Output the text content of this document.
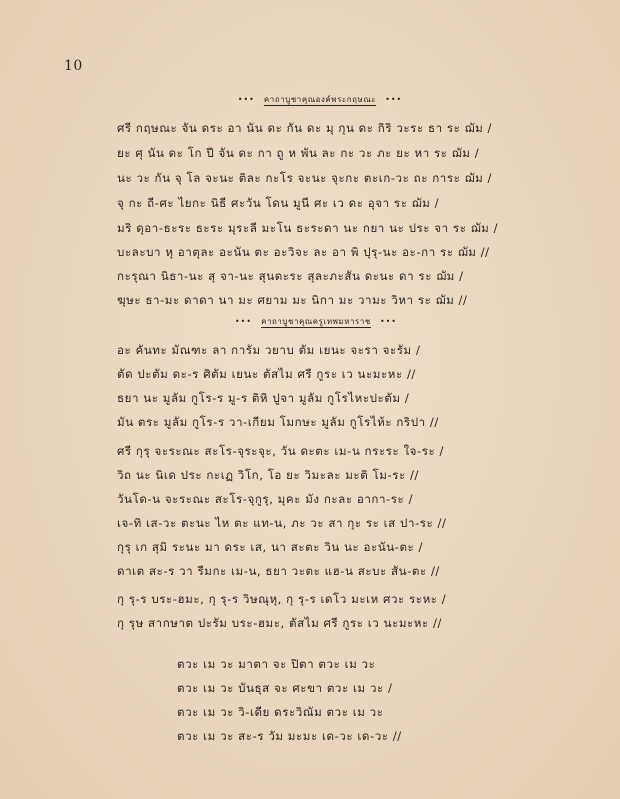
10
••• คาถาบูชาคุณองค์พระกฤษณะ •••
ศรี กฤษณะ จัน ดระ อา นัน ดะ กัน ดะ มุ กุน ดะ กิริ วะระ ธา ระ ฌัม /
ยะ ศุ นัน ดะ โก ปี จัน ดะ กา ถู ห พัน ละ กะ วะ ภะ ยะ หา ระ ฌัม /
นะ วะ กัน จุ โล จะนะ ติละ กะโร จะนะ จุะกะ ตะเก-วะ ถะ การะ ฌัม /
จุ กะ ถี-ศะ ไยกะ นิธี ศะวัน โดน มูนี ศะ เว ดะ อุจา ระ ฌัม /
มริ ดุอา-ธะระ ธะระ มุระลี มะโน ธะระดา นะ กยา นะ ประ จา ระ ฌัม /
บะละบา หุ อาตุละ อะนัน ตะ อะวิจะ ละ อา พิ ปุรุ-นะ อะ-กา ระ ฌัม //
กะรุณา นิธา-นะ สุ จา-นะ สุนดะระ สุละภะสัน ดะนะ ดา ระ ฌัม /
ฆุษะ ธา-มะ ดาดา นา มะ ศยาม มะ นิกา มะ วามะ วิหา ระ ฌัม //
••• คาถาบูชาคุณครูเทพมหาราช •••
อะ คันทะ มัณฑะ ลา การัม วยาบ ตัม เยนะ จะรา จะรัม /
ตัด ปะตัม ดะ-ร ศิตัม เยนะ ตัสไม ศรี กูระ เว นะมะหะ //
ธยา นะ มูลัม กูโร-ร มู-ร ติหิ ปูจา มูลัม กูโรไหะปะตัม /
มัน ตระ มูลัม กูโร-ร วา-เกียม โมกษะ มูลัม กูโรไห้ะ กริปา //
ศรี กุรุ จะระณะ สะโร-จุระจุะ, วัน ดะตะ เม-น กระระ ใจ-ระ /
วิถ นะ นิเด ประ กะเฏ วิโก, โอ ยะ วิมะละ มะติ โม-ระ //
วันโด-น จะระณะ สะโร-จุกูรุ, มุคะ มัง กะละ อากา-ระ /
เจ-ทิ เส-วะ ตะนะ ไห ตะ แท-น, ภะ วะ สา กุะ ระ เส ปา-ระ //
กุรุ เก สุมิ ระนะ มา ดระ เส, นา สะตะ วิน นะ อะนัน-ตะ /
ดาเต สะ-ร วา รีมกะ เม-น, ธยา วะตะ แฮ-น สะบะ สัน-ตะ //
กุ รุ-ร บระ-ฮมะ, กุ รุ-ร วิษณุหุ, กุ รุ-ร เดโว มะเห ศวะ ระหะ /
กุ รุษ สากษาต ปะรัม บระ-ฮมะ, ตัสไม ศรี กูระ เว นะมะหะ //
ตวะ เม วะ มาตา จะ ปิตา ตวะ เม วะ
ตวะ เม วะ บันธุส จะ ศะขา ตวะ เม วะ /
ตวะ เม วะ วิ-เดีย ดระวิณัม ตวะ เม วะ
ตวะ เม วะ สะ-ร วัม มะมะ เด-วะ เด-วะ //
